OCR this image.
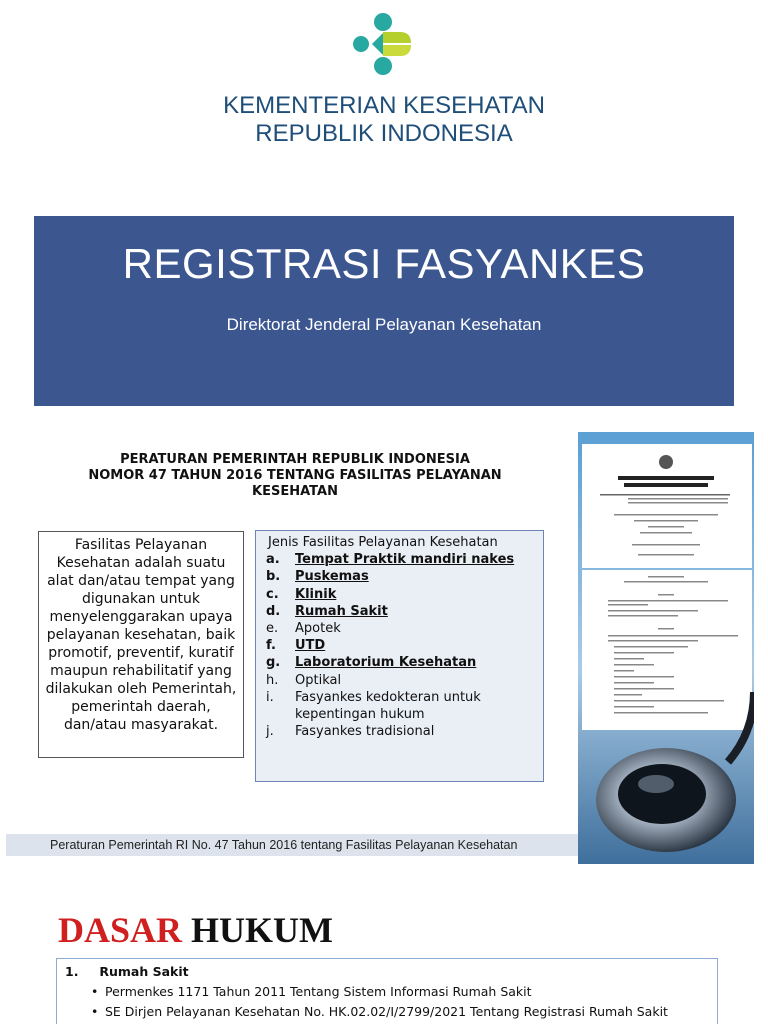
KEMENTERIAN KESEHATAN
REPUBLIK INDONESIA
REGISTRASI FASYANKES
Direktorat Jenderal Pelayanan Kesehatan
PERATURAN PEMERINTAH REPUBLIK INDONESIA
NOMOR 47 TAHUN 2016 TENTANG FASILITAS PELAYANAN
KESEHATAN
Fasilitas Pelayanan Kesehatan adalah suatu alat dan/atau tempat yang digunakan untuk menyelenggarakan upaya pelayanan kesehatan, baik promotif, preventif, kuratif maupun rehabilitatif yang dilakukan oleh Pemerintah, pemerintah daerah, dan/atau masyarakat.
Jenis Fasilitas Pelayanan Kesehatan
a.	Tempat Praktik mandiri nakes
b.	Puskemas
c.	Klinik
d.	Rumah Sakit
e.	Apotek
f.	UTD
g.	Laboratorium Kesehatan
h.	Optikal
i.	Fasyankes kedokteran untuk kepentingan hukum
j.	Fasyankes tradisional
Peraturan Pemerintah RI No. 47 Tahun 2016 tentang Fasilitas Pelayanan Kesehatan
DASAR HUKUM
1. Rumah Sakit
• Permenkes 1171 Tahun 2011 Tentang Sistem Informasi Rumah Sakit
• SE Dirjen Pelayanan Kesehatan No. HK.02.02/I/2799/2021 Tentang Registrasi Rumah Sakit
